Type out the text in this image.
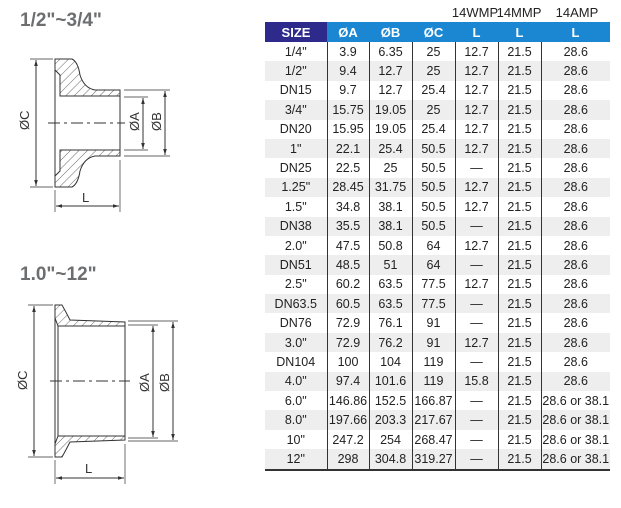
1/2"~3/4"
1.0"~12"
ØC	ØA ØB
L
ØC	ØA ØB
L
14WMP
14MMP 14AMP
SIZE	ØA	ØB	ØC	L	L	L
1/4"	3.9	6.35	25	12.7	21.5	28.6
1/2"	9.4	12.7	25	12.7	21.5	28.6
DN15	9.7	12.7	25.4	12.7	21.5	28.6
3/4"	15.75	19.05	25	12.7	21.5	28.6
DN20	15.95	19.05	25.4	12.7	21.5	28.6
1"	22.1	25.4	50.5	12.7	21.5	28.6
DN25	22.5	25	50.5	—	21.5	28.6
1.25"	28.45	31.75	50.5	12.7	21.5	28.6
1.5"	34.8	38.1	50.5	12.7	21.5	28.6
DN38	35.5	38.1	50.5	—	21.5	28.6
2.0"	47.5	50.8	64	12.7	21.5	28.6
DN51	48.5	51	64	—	21.5	28.6
2.5"	60.2	63.5	77.5	12.7	21.5	28.6
DN63.5	60.5	63.5	77.5	—	21.5	28.6
DN76	72.9	76.1	91	—	21.5	28.6
3.0"	72.9	76.2	91	12.7	21.5	28.6
DN104	100	104	119	—	21.5	28.6
4.0"	97.4	101.6	119	15.8	21.5	28.6
6.0"	146.86	152.5	166.87	—	21.5	28.6 or 38.1
8.0"	197.66	203.3	217.67	—	21.5	28.6 or 38.1
10"	247.2	254	268.47	—	21.5	28.6 or 38.1
12"	298	304.8	319.27	—	21.5	28.6 or 38.1
